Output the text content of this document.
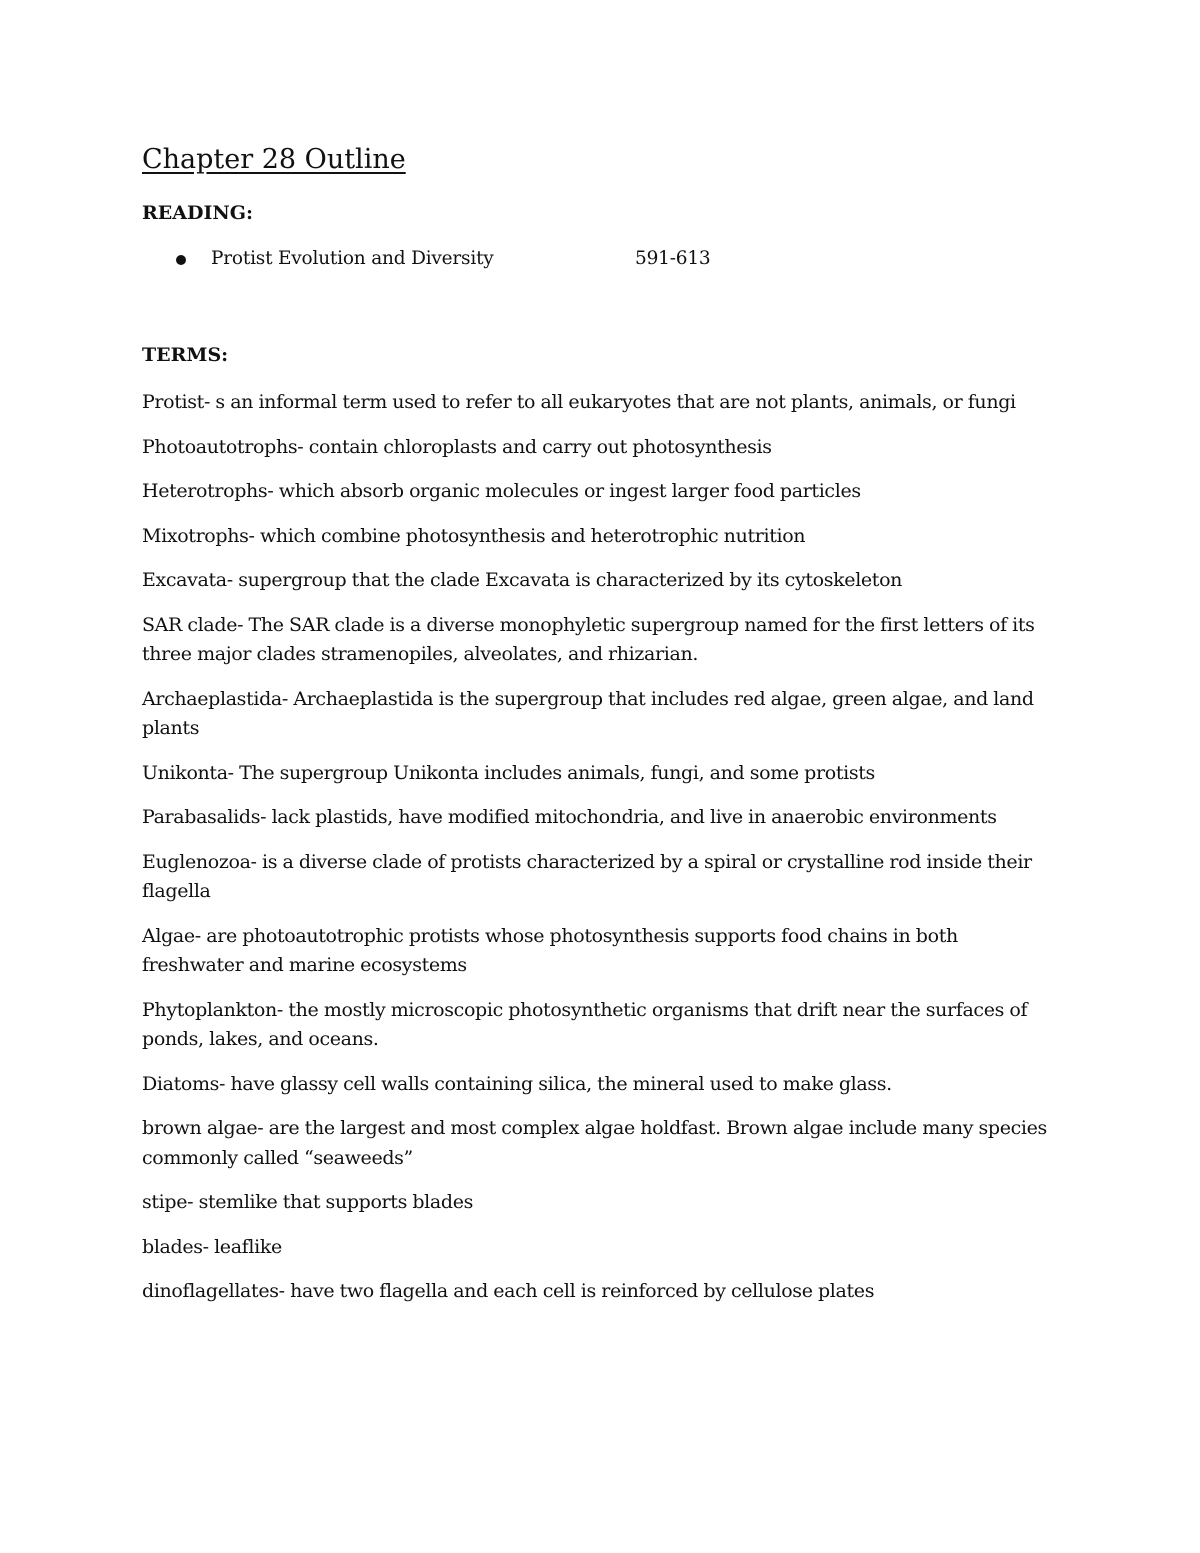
Chapter 28 Outline
READING:
Protist Evolution and Diversity	591-613
TERMS:

Protist- s an informal term used to refer to all eukaryotes that are not plants, animals, or fungi

Photoautotrophs- contain chloroplasts and carry out photosynthesis

Heterotrophs- which absorb organic molecules or ingest larger food particles

Mixotrophs- which combine photosynthesis and heterotrophic nutrition

Excavata- supergroup that the clade Excavata is characterized by its cytoskeleton

SAR clade- The SAR clade is a diverse monophyletic supergroup named for the first letters of its three major clades stramenopiles, alveolates, and rhizarian.

Archaeplastida- Archaeplastida is the supergroup that includes red algae, green algae, and land plants

Unikonta- The supergroup Unikonta includes animals, fungi, and some protists

Parabasalids- lack plastids, have modified mitochondria, and live in anaerobic environments

Euglenozoa- is a diverse clade of protists characterized by a spiral or crystalline rod inside their flagella

Algae- are photoautotrophic protists whose photosynthesis supports food chains in both freshwater and marine ecosystems

Phytoplankton- the mostly microscopic photosynthetic organisms that drift near the surfaces of ponds, lakes, and oceans.

Diatoms- have glassy cell walls containing silica, the mineral used to make glass.

brown algae- are the largest and most complex algae holdfast. Brown algae include many species commonly called “seaweeds”

stipe- stemlike that supports blades

blades- leaflike

dinoflagellates- have two flagella and each cell is reinforced by cellulose plates
